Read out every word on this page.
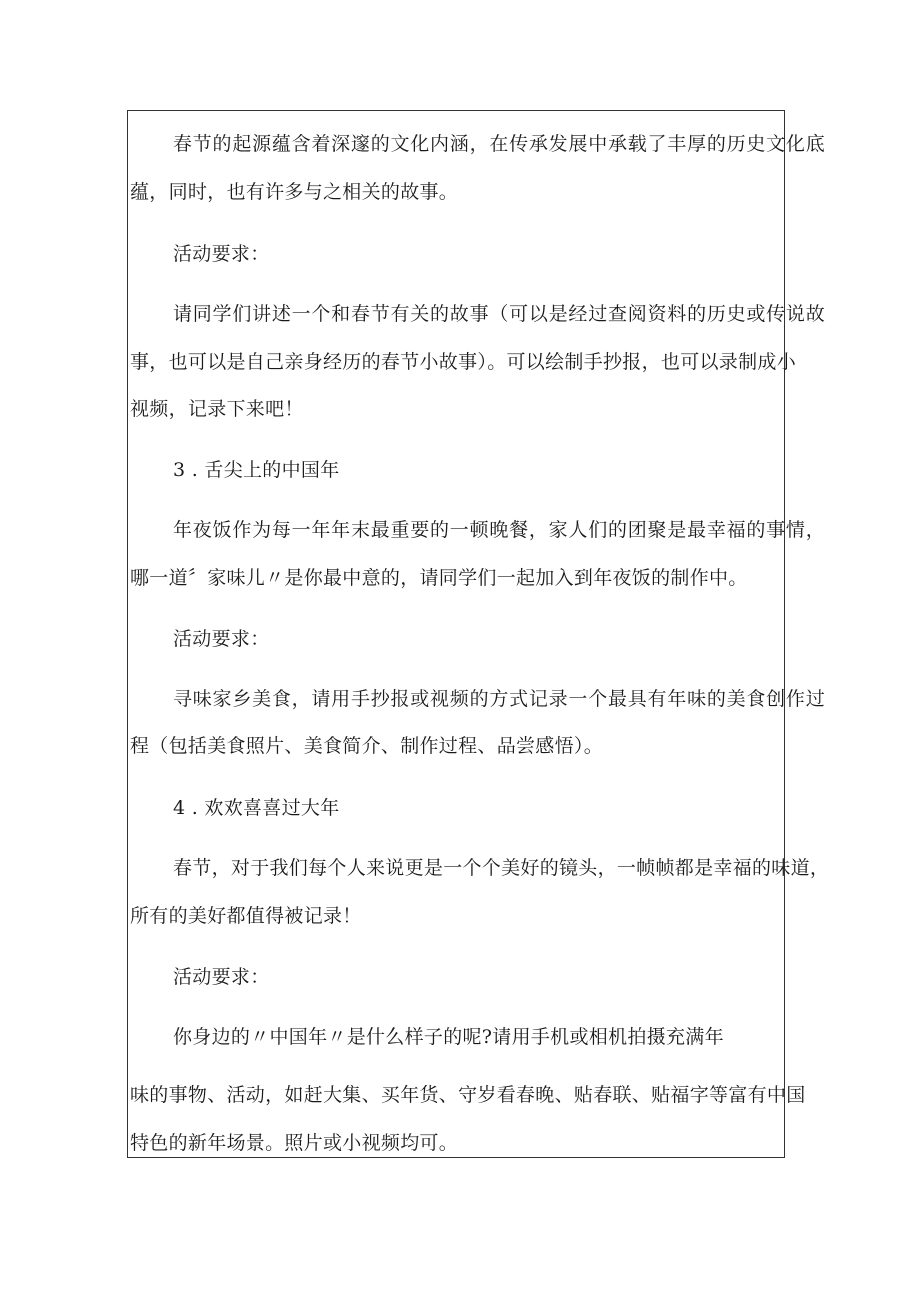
春节的起源蕴含着深邃的文化内涵，在传承发展中承载了丰厚的历史文化底
蕴，同时，也有许多与之相关的故事。
活动要求：
请同学们讲述一个和春节有关的故事（可以是经过查阅资料的历史或传说故
事，也可以是自己亲身经历的春节小故事）。可以绘制手抄报，也可以录制成小
视频，记录下来吧！
3 . 舌尖上的中国年
年夜饭作为每一年年末最重要的一顿晚餐，家人们的团聚是最幸福的事情，
哪一道〞家味儿〃是你最中意的，请同学们一起加入到年夜饭的制作中。
活动要求：
寻味家乡美食，请用手抄报或视频的方式记录一个最具有年味的美食创作过
程（包括美食照片、美食简介、制作过程、品尝感悟）。
4 . 欢欢喜喜过大年
春节，对于我们每个人来说更是一个个美好的镜头，一帧帧都是幸福的味道，
所有的美好都值得被记录！
活动要求：
你身边的〃中国年〃是什么样子的呢?请用手机或相机拍摄充满年
味的事物、活动，如赶大集、买年货、守岁看春晚、贴春联、贴福字等富有中国
特色的新年场景。照片或小视频均可。
